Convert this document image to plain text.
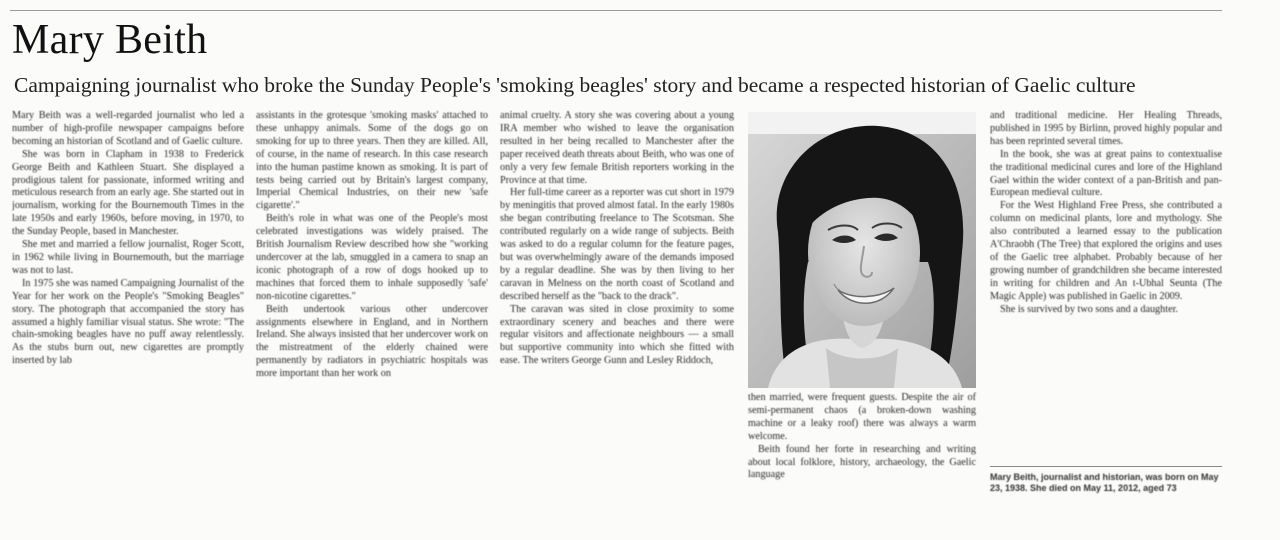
Mary Beith
Campaigning journalist who broke the Sunday People's 'smoking beagles' story and became a respected historian of Gaelic culture

Mary Beith was a well-regarded journalist who led a number of high-profile newspaper campaigns before becoming an historian of Scotland and of Gaelic culture.

She was born in Clapham in 1938 to Frederick George Beith and Kathleen Stuart. She displayed a prodigious talent for passionate, informed writing and meticulous research from an early age. She started out in journalism, working for the Bournemouth Times in the late 1950s and early 1960s, before moving, in 1970, to the Sunday People, based in Manchester.

She met and married a fellow journalist, Roger Scott, in 1962 while living in Bournemouth, but the marriage was not to last.

In 1975 she was named Campaigning Journalist of the Year for her work on the People's "Smoking Beagles" story. The photograph that accompanied the story has assumed a highly familiar visual status. She wrote: "The chain-smoking beagles have no puff away relentlessly. As the stubs burn out, new cigarettes are promptly inserted by lab

assistants in the grotesque 'smoking masks' attached to these unhappy animals. Some of the dogs go on smoking for up to three years. Then they are killed. All, of course, in the name of research. In this case research into the human pastime known as smoking. It is part of tests being carried out by Britain's largest company, Imperial Chemical Industries, on their new 'safe cigarette'."

Beith's role in what was one of the People's most celebrated investigations was widely praised. The British Journalism Review described how she "working undercover at the lab, smuggled in a camera to snap an iconic photograph of a row of dogs hooked up to machines that forced them to inhale supposedly 'safe' non-nicotine cigarettes."

Beith undertook various other undercover assignments elsewhere in England, and in Northern Ireland. She always insisted that her undercover work on the mistreatment of the elderly chained were permanently by radiators in psychiatric hospitals was more important than her work on

animal cruelty. A story she was covering about a young IRA member who wished to leave the organisation resulted in her being recalled to Manchester after the paper received death threats about Beith, who was one of only a very few female British reporters working in the Province at that time.

Her full-time career as a reporter was cut short in 1979 by meningitis that proved almost fatal. In the early 1980s she began contributing freelance to The Scotsman. She contributed regularly on a wide range of subjects. Beith was asked to do a regular column for the feature pages, but was overwhelmingly aware of the demands imposed by a regular deadline. She was by then living to her caravan in Melness on the north coast of Scotland and described herself as the "back to the drack".

The caravan was sited in close proximity to some extraordinary scenery and beaches and there were regular visitors and affectionate neighbours — a small but supportive community into which she fitted with ease. The writers George Gunn and Lesley Riddoch,

then married, were frequent guests. Despite the air of semi-permanent chaos (a broken-down washing machine or a leaky roof) there was always a warm welcome.

Beith found her forte in researching and writing about local folklore, history, archaeology, the Gaelic language

and traditional medicine. Her Healing Threads, published in 1995 by Birlinn, proved highly popular and has been reprinted several times.

In the book, she was at great pains to contextualise the traditional medicinal cures and lore of the Highland Gael within the wider context of a pan-British and pan-European medieval culture.

For the West Highland Free Press, she contributed a column on medicinal plants, lore and mythology. She also contributed a learned essay to the publication A'Chraobh (The Tree) that explored the origins and uses of the Gaelic tree alphabet. Probably because of her growing number of grandchildren she became interested in writing for children and An t-Ubhal Seunta (The Magic Apple) was published in Gaelic in 2009.

She is survived by two sons and a daughter.

Mary Beith, journalist and historian, was born on May 23, 1938. She died on May 11, 2012, aged 73
